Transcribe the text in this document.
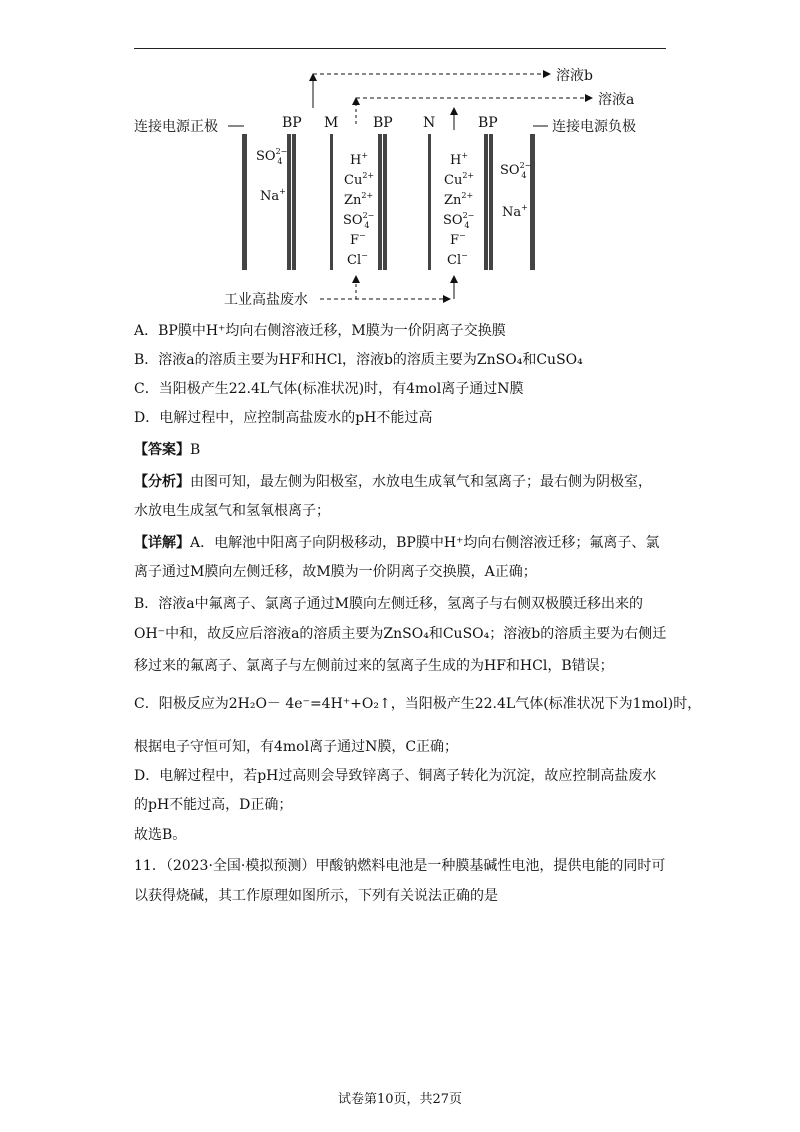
BP M BP N	BP
连接电源正极	连接电源负极
溶液b
溶液a
$SO^{2-}$ 4
Na+
H+
$Cu^{2+}$
$Zn^{2+}$
$SO^{2-}$ 4
F−
Cl−
H+
$Cu^{2+}$
$Zn^{2+}$
$SO^{2-}$ 4
F−
Cl−
$SO^{2-}$ 4
Na+
工业高盐废水
A．BP膜中H⁺均向右侧溶液迁移，M膜为一价阴离子交换膜
B．溶液a的溶质主要为HF和HCl，溶液b的溶质主要为ZnSO₄和CuSO₄
C．当阳极产生22.4L气体(标准状况)时，有4mol离子通过N膜
D．电解过程中，应控制高盐废水的pH不能过高
【答案】B
【分析】由图可知，最左侧为阳极室，水放电生成氧气和氢离子；最右侧为阴极室，
水放电生成氢气和氢氧根离子；
【详解】A．电解池中阳离子向阴极移动，BP膜中H⁺均向右侧溶液迁移；氟离子、氯
离子通过M膜向左侧迁移，故M膜为一价阴离子交换膜，A正确；
B．溶液a中氟离子、氯离子通过M膜向左侧迁移，氢离子与右侧双极膜迁移出来的
OH⁻中和，故反应后溶液a的溶质主要为ZnSO₄和CuSO₄；溶液b的溶质主要为右侧迁
移过来的氟离子、氯离子与左侧前过来的氢离子生成的为HF和HCl，B错误；
C．阳极反应为2H₂O－ 4e⁻=4H⁺+O₂↑，当阳极产生22.4L气体(标准状况下为1mol)时，
根据电子守恒可知，有4mol离子通过N膜，C正确；
D．电解过程中，若pH过高则会导致锌离子、铜离子转化为沉淀，故应控制高盐废水
的pH不能过高，D正确；
故选B。
11．（2023·全国·模拟预测）甲酸钠燃料电池是一种膜基碱性电池，提供电能的同时可
以获得烧碱，其工作原理如图所示，下列有关说法正确的是
试卷第10页，共27页
